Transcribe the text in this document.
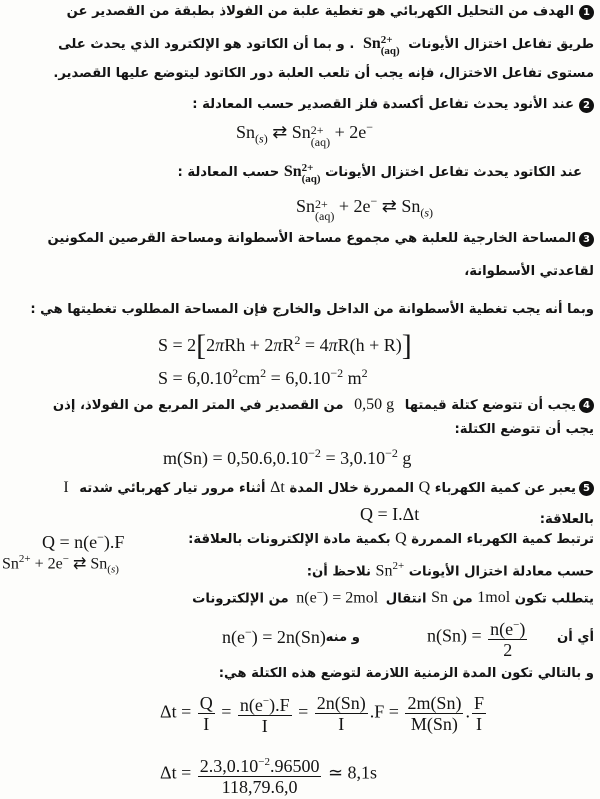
1
الهدف من التحليل الكهربائي هو تغطية علبة من الفولاذ بطبقة من القصدير عن
طريق تفاعل اختزال الأيونات Sn2+
(aq) . و بما أن الكاتود هو الإلكترود الذي يحدث على
مستوى تفاعل الاختزال، فإنه يجب أن تلعب العلبة دور الكاتود ليتوضع عليها القصدير.
2
عند الأنود يحدث تفاعل أكسدة فلز القصدير حسب المعادلة :
$Sn_{(s)}$ ⇄ Sn2+
(aq) + 2e−
عند الكاتود يحدث تفاعل اختزال الأيونات Sn2+
(aq) حسب المعادلة :
Sn2+
(aq) + 2e− ⇄ $Sn_{(s)}$
3
المساحة الخارجية للعلبة هي مجموع مساحة الأسطوانة ومساحة القرصين المكونين
لقاعدتي الأسطوانة،
وبما أنه يجب تغطية الأسطوانة من الداخل والخارج فإن المساحة المطلوب تغطيتها هي :
$S = 2[2\pi Rh + 2\pi R^2 = 4\pi R(h + R)]$
$S = 6,0.10^2cm^2 = 6,0.10^{-2}$ $m^2$
4
يجب أن تتوضع كتلة قيمتها 0,50 g من القصدير في المتر المربع من الفولاذ، إذن
يجب أن تتوضع الكتلة:
$m(Sn) = 0,50.6,0.10^{-2} = 3,0.10^{-2}$ g
5
يعبر عن كمية الكهرباء Q الممررة خلال المدة Δt أثناء مرور تيار كهربائي شدته I
بالعلاقة:
Q = I.Δt
ترتبط كمية الكهرباء الممررة Q بكمية مادة الإلكترونات بالعلاقة:
Q = n(e−).F
حسب معادلة اختزال الأيونات $Sn^{2+}$ نلاحظ أن:
$Sn^{2+} + 2e^-$ ⇄ $Sn_{(s)}$
يتطلب تكون 1mol من Sn انتقال n(e−) = 2mol من الإلكترونات
أي أن
n(e−) = 2n(Sn) و منه	$n(Sn) = \frac{n(e^-)}{2}$
و بالتالي تكون المدة الزمنية اللازمة لتوضع هذه الكتلة هي:
$\Delta t = \frac{Q}{I} = \frac{n(e^-).F}{I} = \frac{2n(Sn)}{I} .F = \frac{2m(Sn)}{M(Sn)}$ . $\frac{F}{I}$
$\Delta t = \frac{2.3,0.10^{-2}.96500}{118,79.6,0}$ ≃ 8,1s
